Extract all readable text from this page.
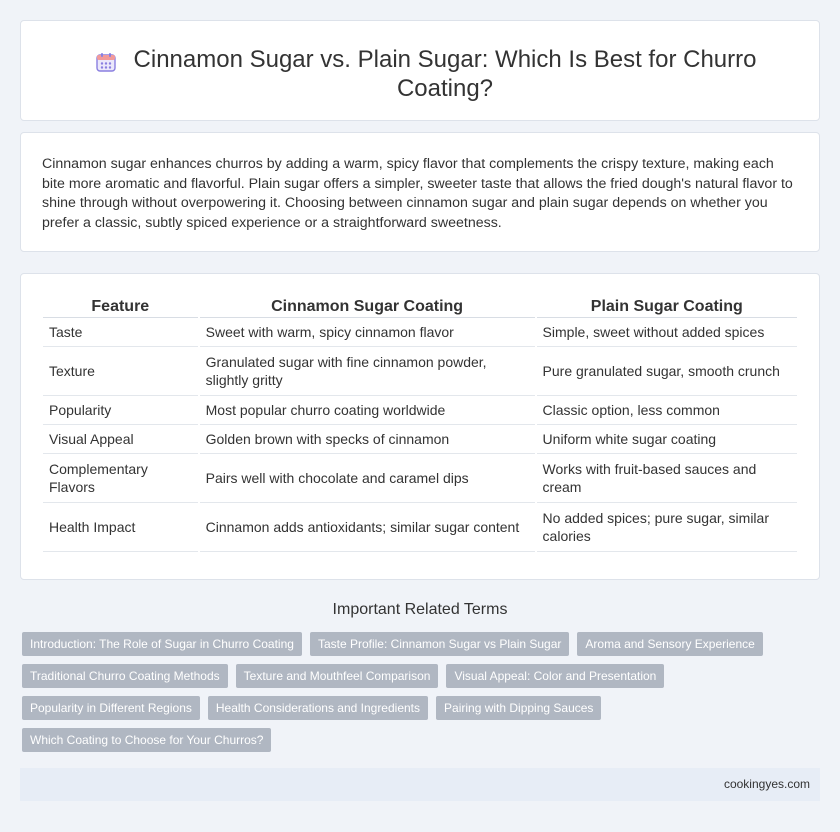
Cinnamon Sugar vs. Plain Sugar: Which Is Best for Churro Coating?

Cinnamon sugar enhances churros by adding a warm, spicy flavor that complements the crispy texture, making each bite more aromatic and flavorful. Plain sugar offers a simpler, sweeter taste that allows the fried dough's natural flavor to shine through without overpowering it. Choosing between cinnamon sugar and plain sugar depends on whether you prefer a classic, subtly spiced experience or a straightforward sweetness.

Feature	Cinnamon Sugar Coating	Plain Sugar Coating
Taste	Sweet with warm, spicy cinnamon flavor	Simple, sweet without added spices
Texture	Granulated sugar with fine cinnamon powder, slightly gritty	Pure granulated sugar, smooth crunch
Popularity	Most popular churro coating worldwide	Classic option, less common
Visual Appeal	Golden brown with specks of cinnamon	Uniform white sugar coating
Complementary Flavors	Pairs well with chocolate and caramel dips	Works with fruit-based sauces and cream
Health Impact	Cinnamon adds antioxidants; similar sugar content	No added spices; pure sugar, similar calories
Important Related Terms
Introduction: The Role of Sugar in Churro Coating	Taste Profile: Cinnamon Sugar vs Plain Sugar	Aroma and Sensory Experience
Traditional Churro Coating Methods	Texture and Mouthfeel Comparison	Visual Appeal: Color and Presentation
Popularity in Different Regions	Health Considerations and Ingredients	Pairing with Dipping Sauces
Which Coating to Choose for Your Churros?
cookingyes.com
